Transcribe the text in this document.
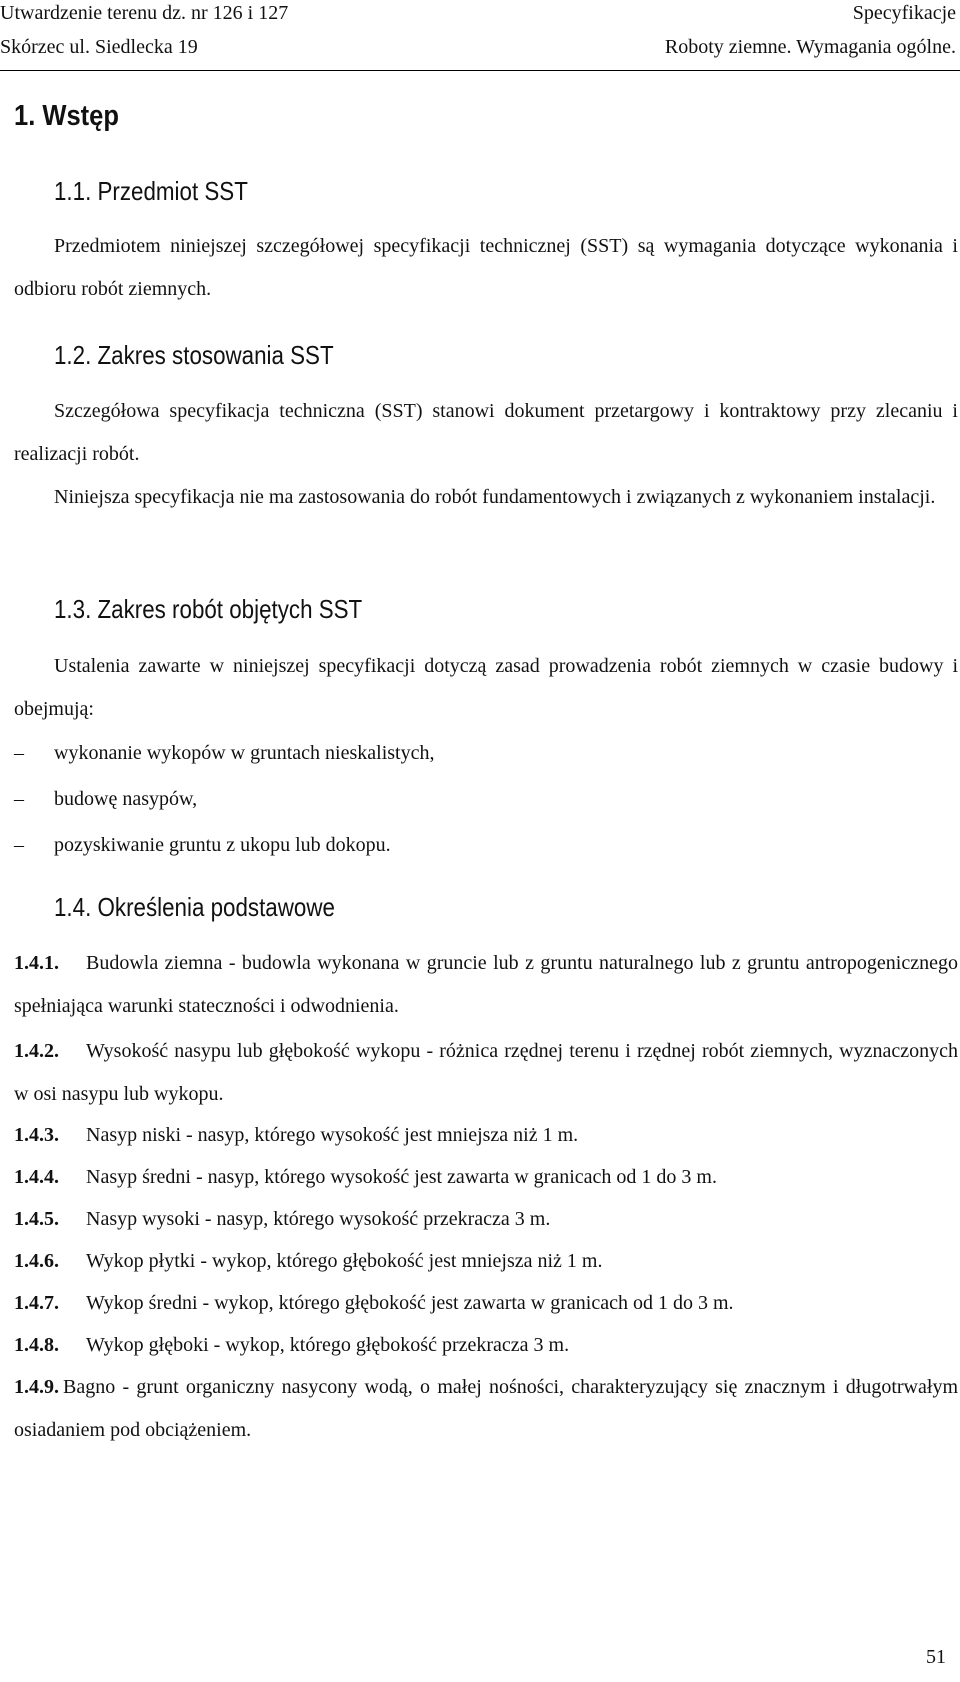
Utwardzenie terenu dz. nr 126 i 127	Specyfikacje
Skórzec ul. Siedlecka 19	Roboty ziemne. Wymagania ogólne.
1. Wstęp
1.1. Przedmiot SST
Przedmiotem niniejszej szczegółowej specyfikacji technicznej (SST) są wymagania dotyczące wykonania i odbioru robót ziemnych.
1.2. Zakres stosowania SST
Szczegółowa specyfikacja techniczna (SST) stanowi dokument przetargowy i kontraktowy przy zlecaniu i realizacji robót.
Niniejsza specyfikacja nie ma zastosowania do robót fundamentowych i związanych z wykonaniem instalacji.
1.3. Zakres robót objętych SST
Ustalenia zawarte w niniejszej specyfikacji dotyczą zasad prowadzenia robót ziemnych w czasie budowy i obejmują:
– wykonanie wykopów w gruntach nieskalistych,
– budowę nasypów,
– pozyskiwanie gruntu z ukopu lub dokopu.
1.4. Określenia podstawowe
1.4.1. Budowla ziemna - budowla wykonana w gruncie lub z gruntu naturalnego lub z gruntu antropogenicznego spełniająca warunki stateczności i odwodnienia.
1.4.2. Wysokość nasypu lub głębokość wykopu - różnica rzędnej terenu i rzędnej robót ziemnych, wyznaczonych w osi nasypu lub wykopu.
1.4.3. Nasyp niski - nasyp, którego wysokość jest mniejsza niż 1 m.
1.4.4. Nasyp średni - nasyp, którego wysokość jest zawarta w granicach od 1 do 3 m.
1.4.5. Nasyp wysoki - nasyp, którego wysokość przekracza 3 m.
1.4.6. Wykop płytki - wykop, którego głębokość jest mniejsza niż 1 m.
1.4.7. Wykop średni - wykop, którego głębokość jest zawarta w granicach od 1 do 3 m.
1.4.8. Wykop głęboki - wykop, którego głębokość przekracza 3 m.
1.4.9. Bagno - grunt organiczny nasycony wodą, o małej nośności, charakteryzujący się znacznym i długotrwałym osiadaniem pod obciążeniem.
51
